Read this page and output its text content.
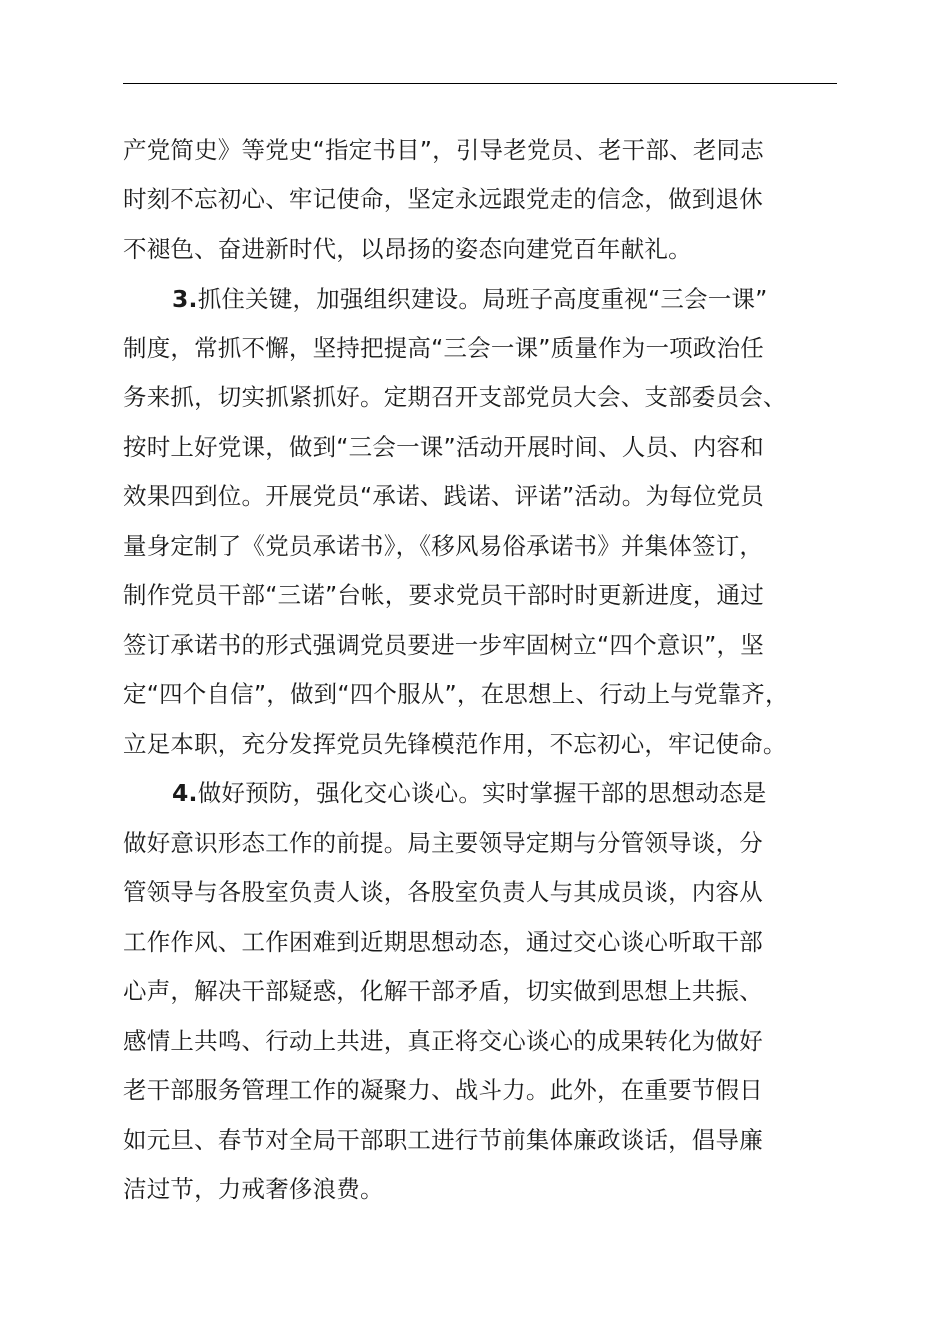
产党简史》等党史“指定书目”，引导老党员、老干部、老同志

时刻不忘初心、牢记使命，坚定永远跟党走的信念，做到退休

不褪色、奋进新时代，以昂扬的姿态向建党百年献礼。

3.抓住关键，加强组织建设。局班子高度重视“三会一课”

制度，常抓不懈，坚持把提高“三会一课”质量作为一项政治任

务来抓，切实抓紧抓好。定期召开支部党员大会、支部委员会、

按时上好党课，做到“三会一课”活动开展时间、人员、内容和

效果四到位。开展党员“承诺、践诺、评诺”活动。为每位党员

量身定制了《党员承诺书》，《移风易俗承诺书》并集体签订，

制作党员干部“三诺”台帐，要求党员干部时时更新进度，通过

签订承诺书的形式强调党员要进一步牢固树立“四个意识”，坚

定“四个自信”，做到“四个服从”，在思想上、行动上与党靠齐，

立足本职，充分发挥党员先锋模范作用，不忘初心，牢记使命。

4.做好预防，强化交心谈心。实时掌握干部的思想动态是

做好意识形态工作的前提。局主要领导定期与分管领导谈，分

管领导与各股室负责人谈，各股室负责人与其成员谈，内容从

工作作风、工作困难到近期思想动态，通过交心谈心听取干部

心声，解决干部疑惑，化解干部矛盾，切实做到思想上共振、

感情上共鸣、行动上共进，真正将交心谈心的成果转化为做好

老干部服务管理工作的凝聚力、战斗力。此外，在重要节假日

如元旦、春节对全局干部职工进行节前集体廉政谈话，倡导廉

洁过节，力戒奢侈浪费。
